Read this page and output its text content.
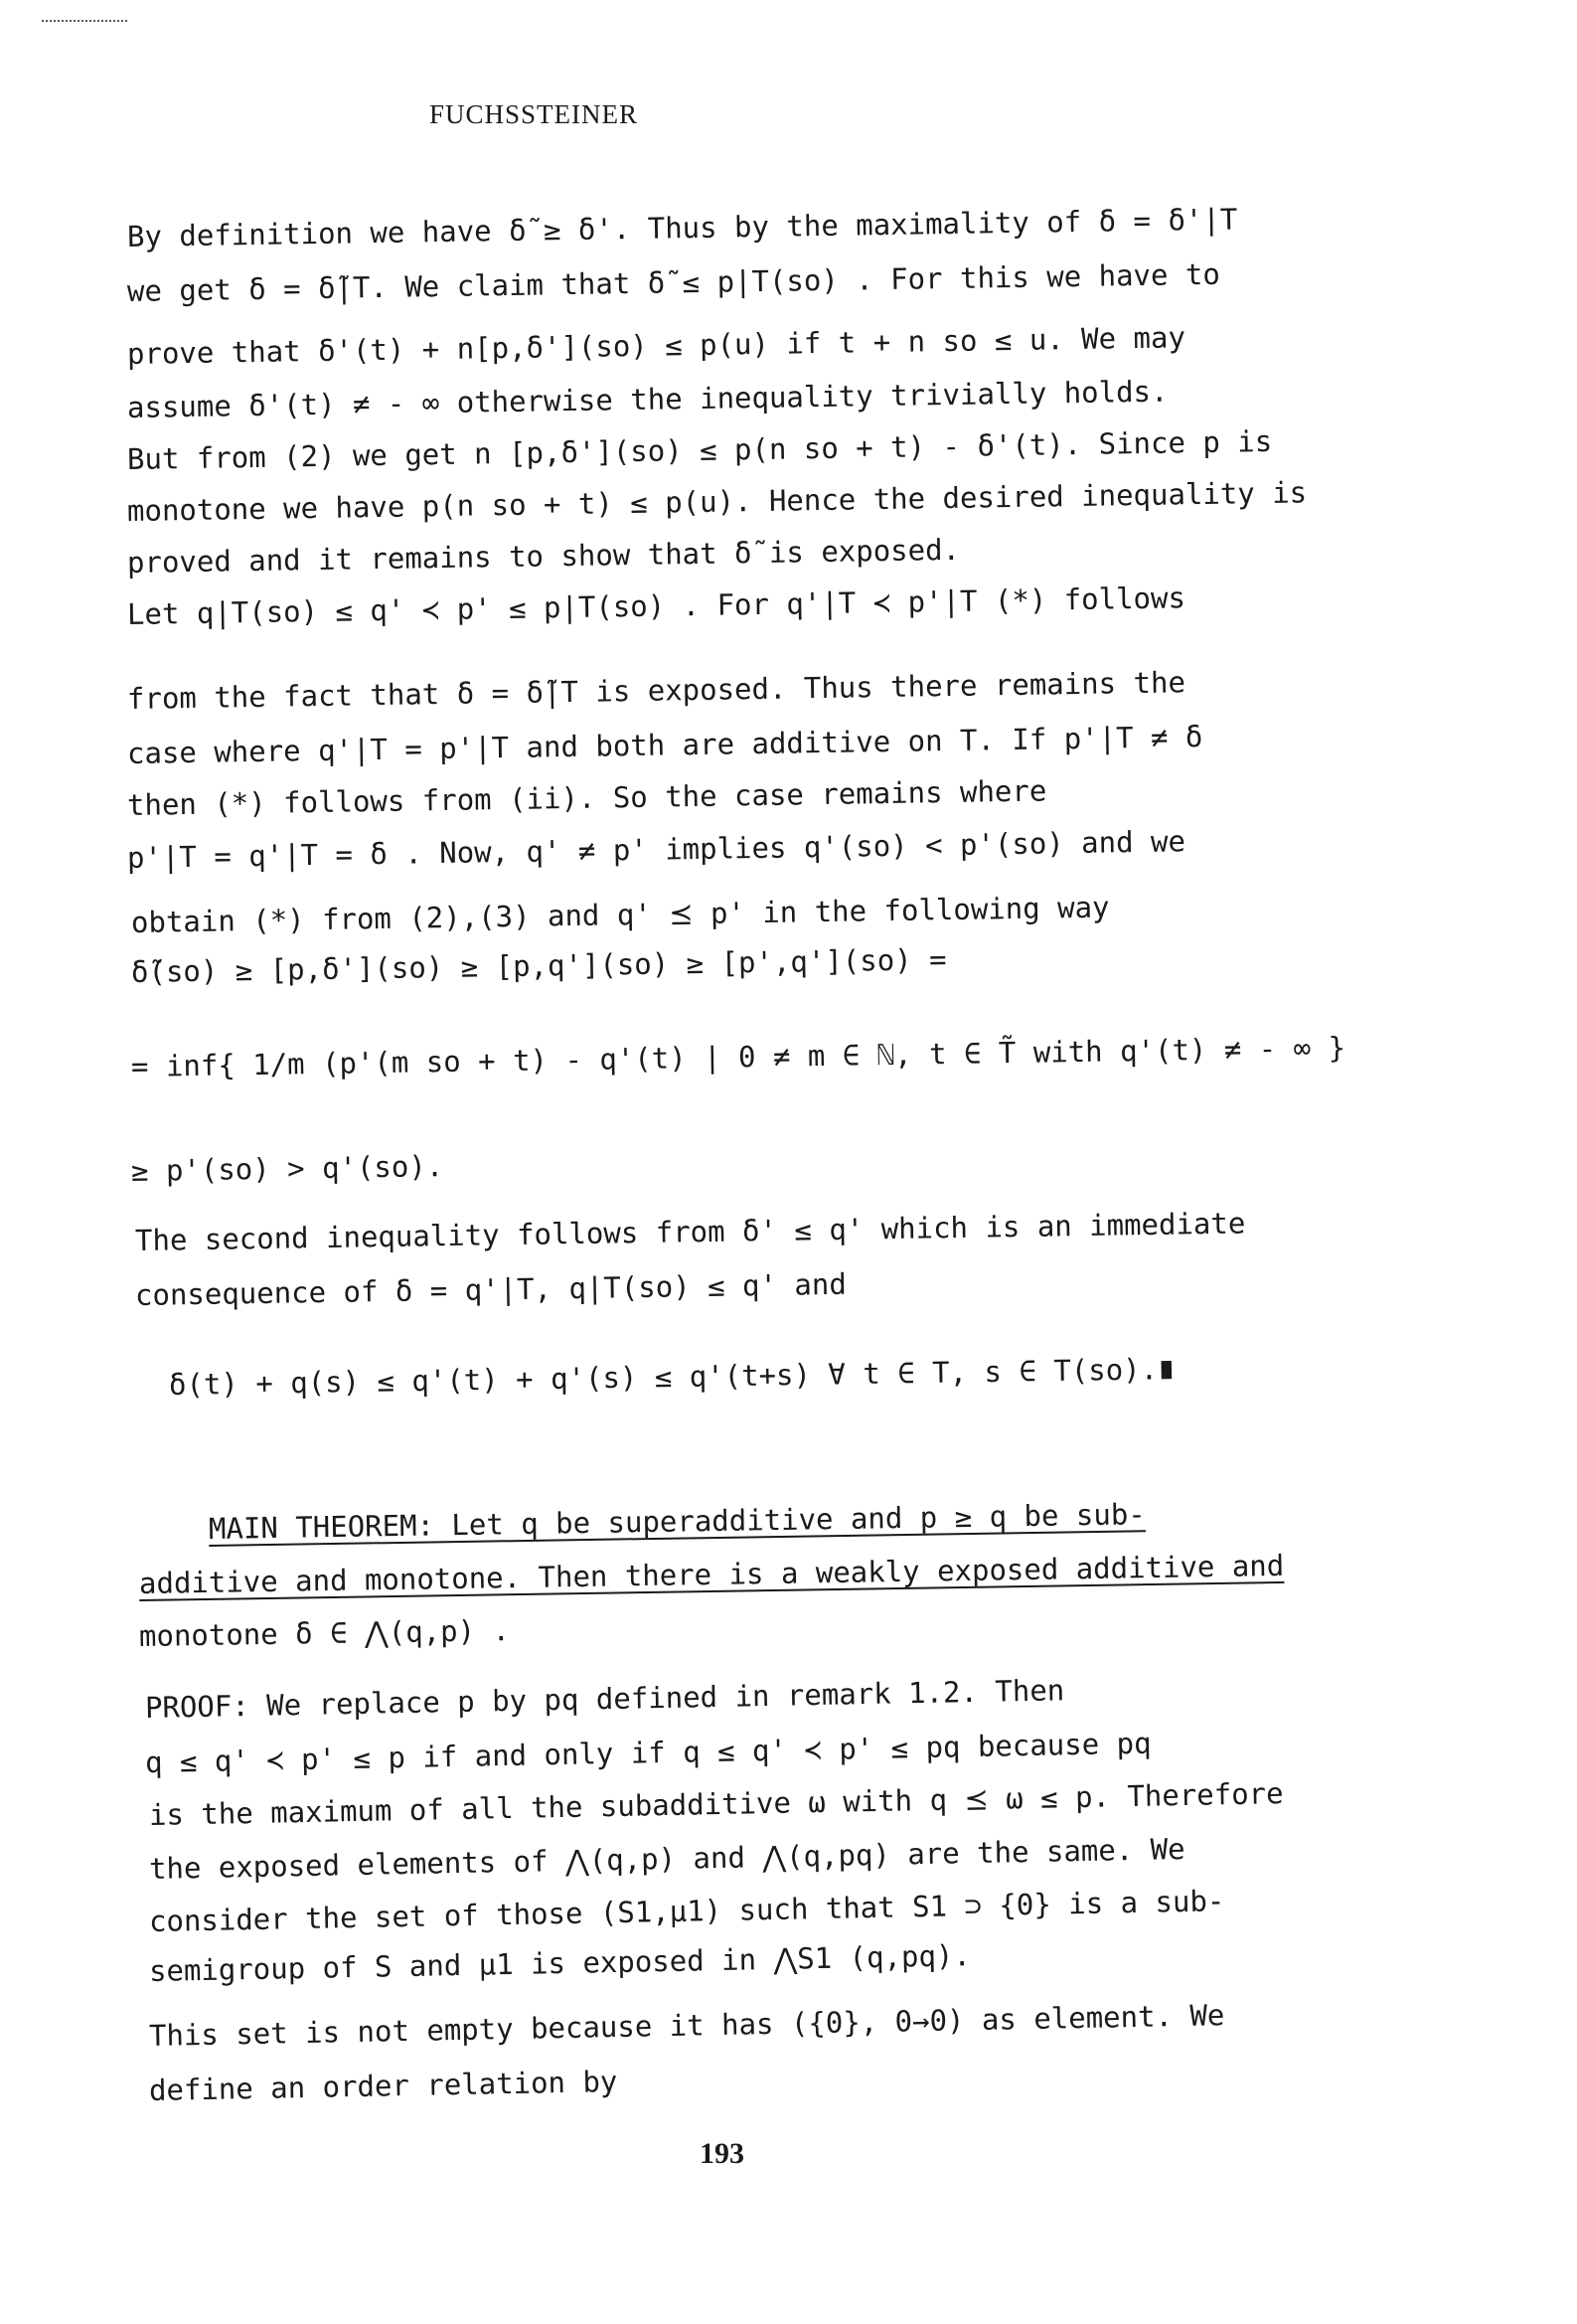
FUCHSSTEINER
By definition we have δ̃ ≥ δ'. Thus by the maximality of δ = δ'|T
we get δ = δ̃|T. We claim that δ̃ ≤ p|T(so) . For this we have to
prove that δ'(t) + n[p,δ'](so) ≤ p(u) if t + n so ≤ u. We may
assume δ'(t) ≠ - ∞ otherwise the inequality trivially holds.
But from (2) we get n [p,δ'](so) ≤ p(n so + t) - δ'(t). Since p is
monotone we have p(n so + t) ≤ p(u). Hence the desired inequality is
proved and it remains to show that δ̃ is exposed.
Let q|T(so) ≤ q' ≺ p' ≤ p|T(so) . For q'|T ≺ p'|T (*) follows
from the fact that δ = δ̃|T is exposed. Thus there remains the
case where q'|T = p'|T and both are additive on T. If p'|T ≠ δ
then (*) follows from (ii). So the case remains where
p'|T = q'|T = δ . Now, q' ≠ p' implies q'(so) < p'(so) and we
obtain (*) from (2),(3) and q' ⪯ p' in the following way
δ̃(so) ≥ [p,δ'](so) ≥ [p,q'](so) ≥ [p',q'](so) =
= inf{ 1/m (p'(m so + t) - q'(t) | 0 ≠ m ∈ ℕ, t ∈ T̃ with q'(t) ≠ - ∞ }
≥ p'(so) > q'(so).
The second inequality follows from δ' ≤ q' which is an immediate
consequence of δ = q'|T, q|T(so) ≤ q' and
δ(t) + q(s) ≤ q'(t) + q'(s) ≤ q'(t+s) ∀ t ∈ T, s ∈ T(so).∎
MAIN THEOREM: Let q be superadditive and p ≥ q be sub-
additive and monotone. Then there is a weakly exposed additive and
monotone δ ∈ ⋀(q,p) .
PROOF: We replace p by pq defined in remark 1.2. Then
q ≤ q' ≺ p' ≤ p if and only if q ≤ q' ≺ p' ≤ pq because pq
is the maximum of all the subadditive ω with q ⪯ ω ≤ p. Therefore
the exposed elements of ⋀(q,p) and ⋀(q,pq) are the same. We
consider the set of those (S1,μ1) such that S1 ⊃ {0} is a sub-
semigroup of S and μ1 is exposed in ⋀S1 (q,pq).
This set is not empty because it has ({0}, 0→0) as element. We
define an order relation by
193
